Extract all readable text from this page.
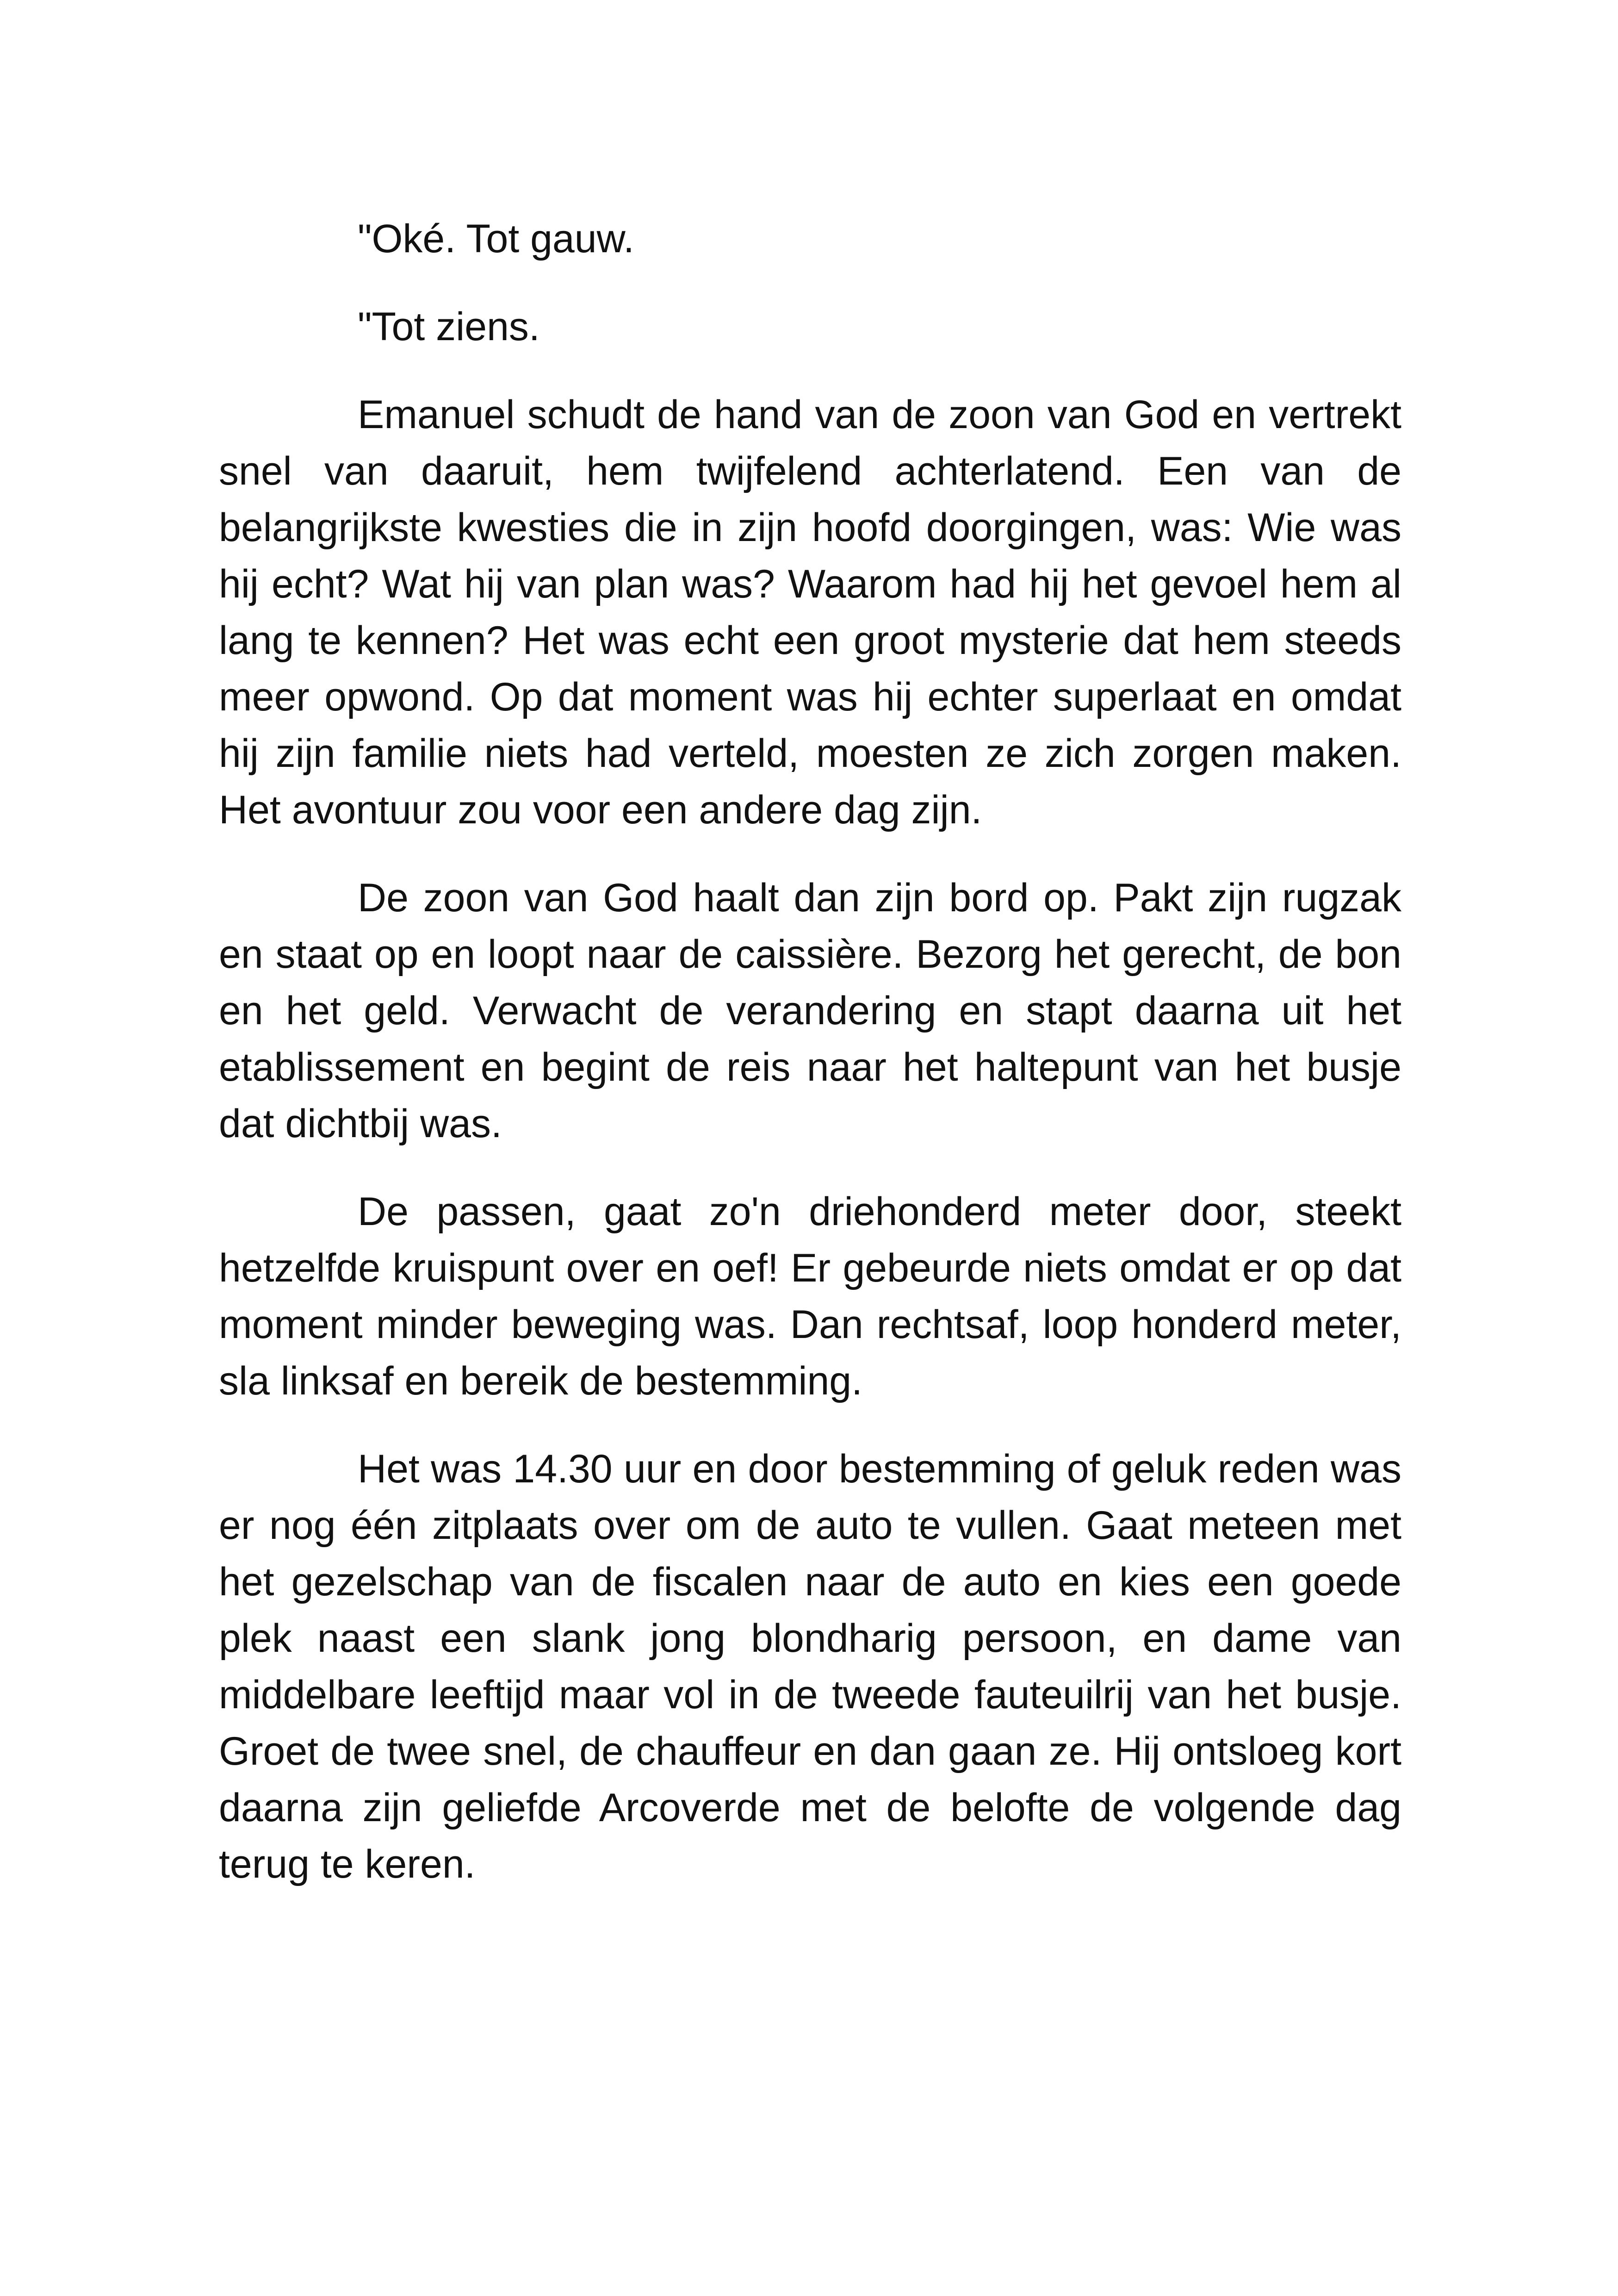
"Oké. Tot gauw.

"Tot ziens.

Emanuel schudt de hand van de zoon van God en vertrekt snel van daaruit, hem twijfelend achterlatend. Een van de belangrijkste kwesties die in zijn hoofd doorgingen, was: Wie was hij echt? Wat hij van plan was? Waarom had hij het gevoel hem al lang te kennen? Het was echt een groot mysterie dat hem steeds meer opwond. Op dat moment was hij echter superlaat en omdat hij zijn familie niets had verteld, moesten ze zich zorgen maken. Het avontuur zou voor een andere dag zijn.

De zoon van God haalt dan zijn bord op. Pakt zijn rugzak en staat op en loopt naar de caissière. Bezorg het gerecht, de bon en het geld. Verwacht de verandering en stapt daarna uit het etablissement en begint de reis naar het haltepunt van het busje dat dichtbij was.

De passen, gaat zo'n driehonderd meter door, steekt hetzelfde kruispunt over en oef! Er gebeurde niets omdat er op dat moment minder beweging was. Dan rechtsaf, loop honderd meter, sla linksaf en bereik de bestemming.

Het was 14.30 uur en door bestemming of geluk reden was er nog één zitplaats over om de auto te vullen. Gaat meteen met het gezelschap van de fiscalen naar de auto en kies een goede plek naast een slank jong blondharig persoon, en dame van middelbare leeftijd maar vol in de tweede fauteuilrij van het busje. Groet de twee snel, de chauffeur en dan gaan ze. Hij ontsloeg kort daarna zijn geliefde Arcoverde met de belofte de volgende dag terug te keren.
